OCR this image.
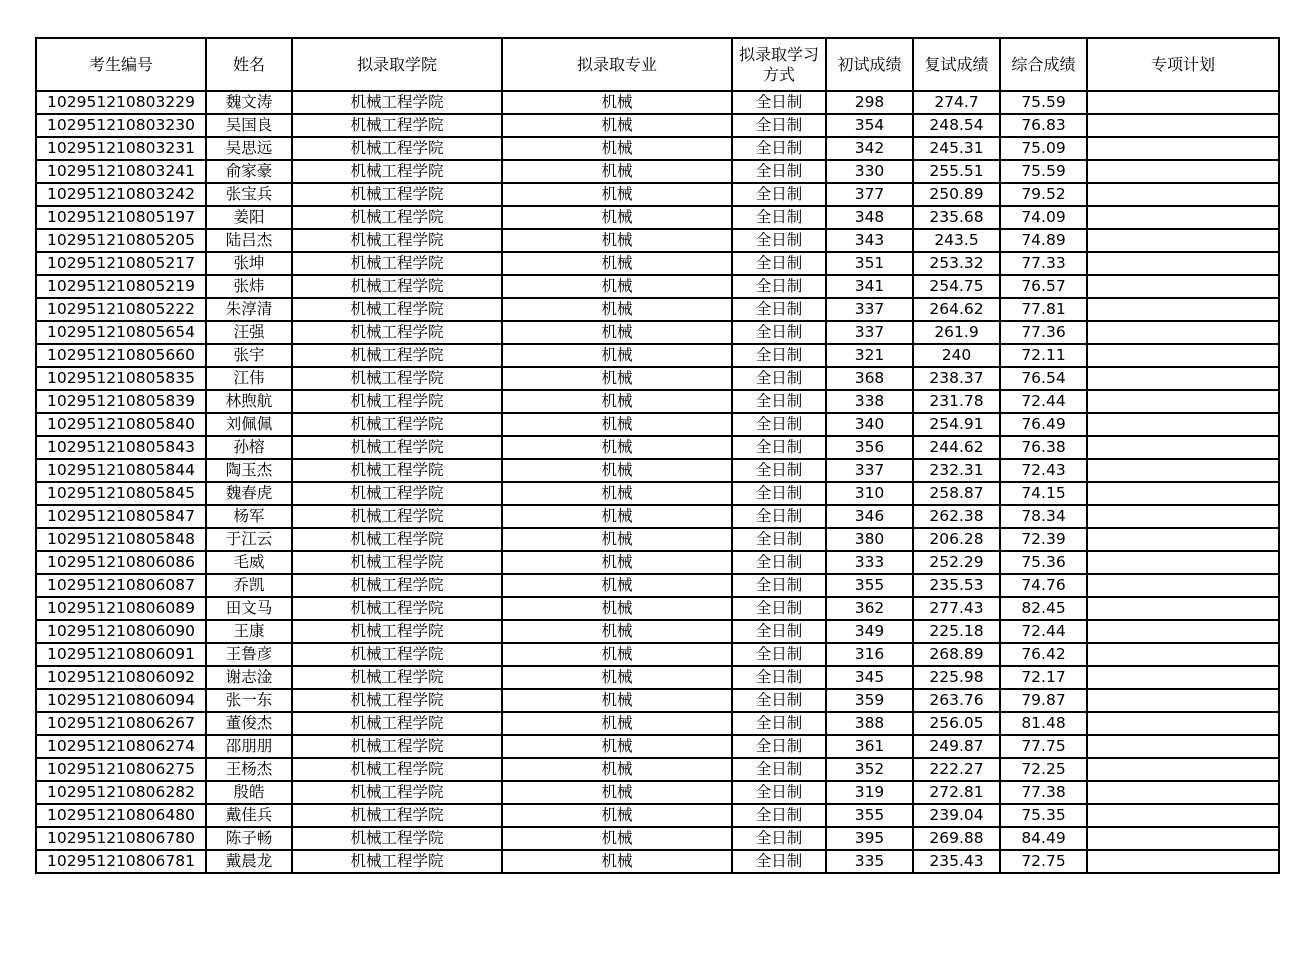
考生编号	姓名	拟录取学院	拟录取专业	拟录取学习方式	初试成绩	复试成绩	综合成绩	专项计划
102951210803229	魏文涛	机械工程学院	机械	全日制	298	274.7	75.59	
102951210803230	吴国良	机械工程学院	机械	全日制	354	248.54	76.83	
102951210803231	吴思远	机械工程学院	机械	全日制	342	245.31	75.09	
102951210803241	俞家豪	机械工程学院	机械	全日制	330	255.51	75.59	
102951210803242	张宝兵	机械工程学院	机械	全日制	377	250.89	79.52	
102951210805197	姜阳	机械工程学院	机械	全日制	348	235.68	74.09	
102951210805205	陆吕杰	机械工程学院	机械	全日制	343	243.5	74.89	
102951210805217	张坤	机械工程学院	机械	全日制	351	253.32	77.33	
102951210805219	张炜	机械工程学院	机械	全日制	341	254.75	76.57	
102951210805222	朱淳清	机械工程学院	机械	全日制	337	264.62	77.81	
102951210805654	汪强	机械工程学院	机械	全日制	337	261.9	77.36	
102951210805660	张宇	机械工程学院	机械	全日制	321	240	72.11	
102951210805835	江伟	机械工程学院	机械	全日制	368	238.37	76.54	
102951210805839	林煦航	机械工程学院	机械	全日制	338	231.78	72.44	
102951210805840	刘佩佩	机械工程学院	机械	全日制	340	254.91	76.49	
102951210805843	孙榕	机械工程学院	机械	全日制	356	244.62	76.38	
102951210805844	陶玉杰	机械工程学院	机械	全日制	337	232.31	72.43	
102951210805845	魏春虎	机械工程学院	机械	全日制	310	258.87	74.15	
102951210805847	杨军	机械工程学院	机械	全日制	346	262.38	78.34	
102951210805848	于江云	机械工程学院	机械	全日制	380	206.28	72.39	
102951210806086	毛威	机械工程学院	机械	全日制	333	252.29	75.36	
102951210806087	乔凯	机械工程学院	机械	全日制	355	235.53	74.76	
102951210806089	田文马	机械工程学院	机械	全日制	362	277.43	82.45	
102951210806090	王康	机械工程学院	机械	全日制	349	225.18	72.44	
102951210806091	王鲁彦	机械工程学院	机械	全日制	316	268.89	76.42	
102951210806092	谢志淦	机械工程学院	机械	全日制	345	225.98	72.17	
102951210806094	张一东	机械工程学院	机械	全日制	359	263.76	79.87	
102951210806267	董俊杰	机械工程学院	机械	全日制	388	256.05	81.48	
102951210806274	邵朋朋	机械工程学院	机械	全日制	361	249.87	77.75	
102951210806275	王杨杰	机械工程学院	机械	全日制	352	222.27	72.25	
102951210806282	殷皓	机械工程学院	机械	全日制	319	272.81	77.38	
102951210806480	戴佳兵	机械工程学院	机械	全日制	355	239.04	75.35	
102951210806780	陈子畅	机械工程学院	机械	全日制	395	269.88	84.49	
102951210806781	戴晨龙	机械工程学院	机械	全日制	335	235.43	72.75	
